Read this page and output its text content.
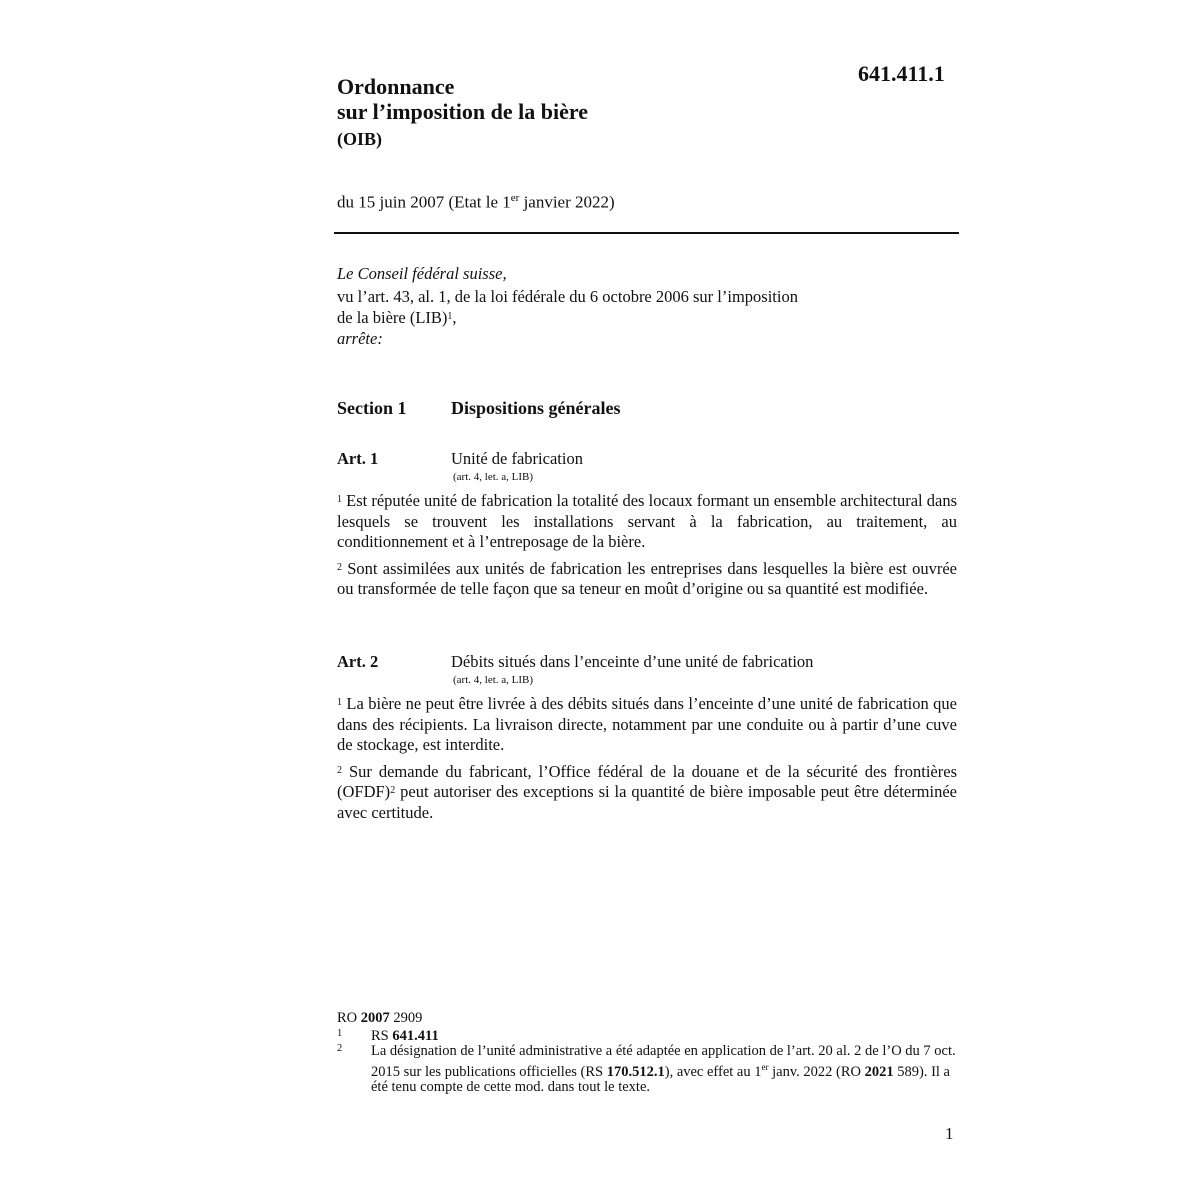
641.411.1
Ordonnance
sur l’imposition de la bière
(OIB)
du 15 juin 2007 (Etat le 1er janvier 2022)

Le Conseil fédéral suisse,

vu l’art. 43, al. 1, de la loi fédérale du 6 octobre 2006 sur l’imposition

de la bière (LIB)$^1$,

arrête:

Section 1 Dispositions générales
Art. 1	Unité de fabrication
(art. 4, let. a, LIB)

$^1$ Est réputée unité de fabrication la totalité des locaux formant un ensemble architectural dans lesquels se trouvent les installations servant à la fabrication, au traitement, au conditionnement et à l’entreposage de la bière.

$^2$ Sont assimilées aux unités de fabrication les entreprises dans lesquelles la bière est ouvrée ou transformée de telle façon que sa teneur en moût d’origine ou sa quantité est modifiée.

Art. 2	Débits situés dans l’enceinte d’une unité de fabrication
(art. 4, let. a, LIB)

$^1$ La bière ne peut être livrée à des débits situés dans l’enceinte d’une unité de fabrication que dans des récipients. La livraison directe, notamment par une conduite ou à partir d’une cuve de stockage, est interdite.

$^2$ Sur demande du fabricant, l’Office fédéral de la douane et de la sécurité des frontières (OFDF)$^2$ peut autoriser des exceptions si la quantité de bière imposable peut être déterminée avec certitude.

RO 2007 2909
1 RS 641.411
2 La désignation de l’unité administrative a été adaptée en application de l’art. 20 al. 2 de l’O du 7 oct. 2015 sur les publications officielles (RS 170.512.1), avec effet au 1er janv. 2022 (RO 2021 589). Il a été tenu compte de cette mod. dans tout le texte.
1
